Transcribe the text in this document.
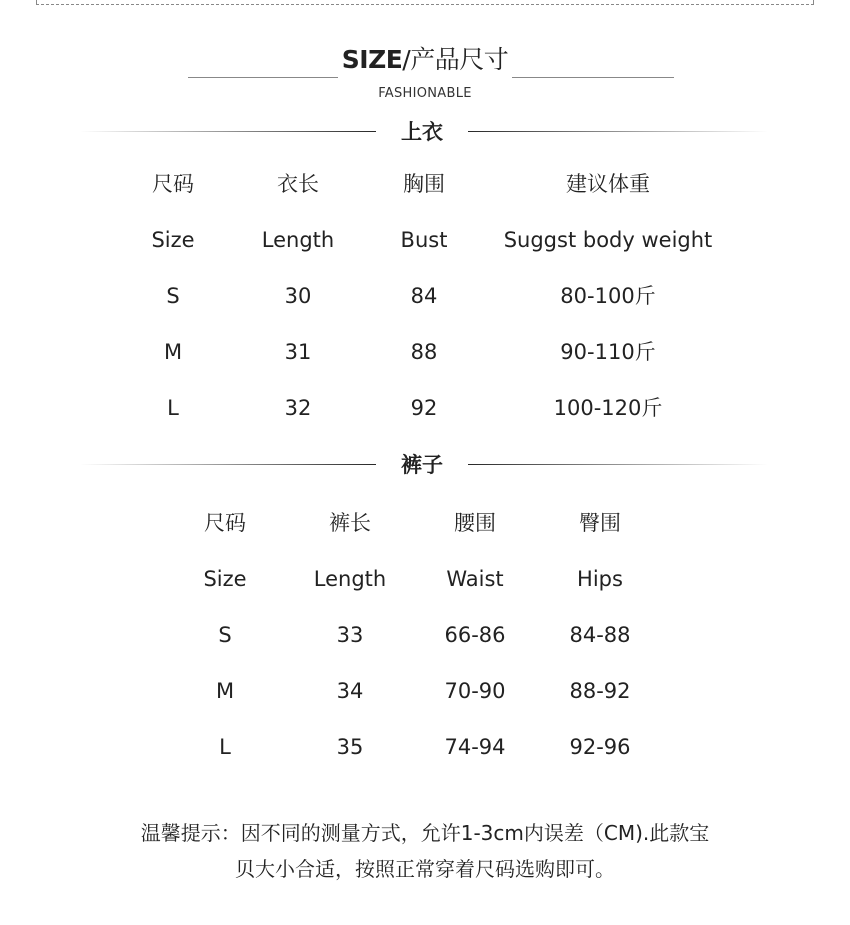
SIZE/产品尺寸
FASHIONABLE
上衣
尺码	衣长	胸围	建议体重
Size	Length	Bust	Suggst body weight
S	30	84	80-100斤
M	31	88	90-110斤
L	32	92	100-120斤
裤子
尺码	裤长	腰围	臀围
Size	Length	Waist	Hips
S	33	66-86	84-88
M	34	70-90	88-92
L	35	74-94	92-96
温馨提示：因不同的测量方式，允许1-3cm内误差（CM).此款宝
贝大小合适，按照正常穿着尺码选购即可。
